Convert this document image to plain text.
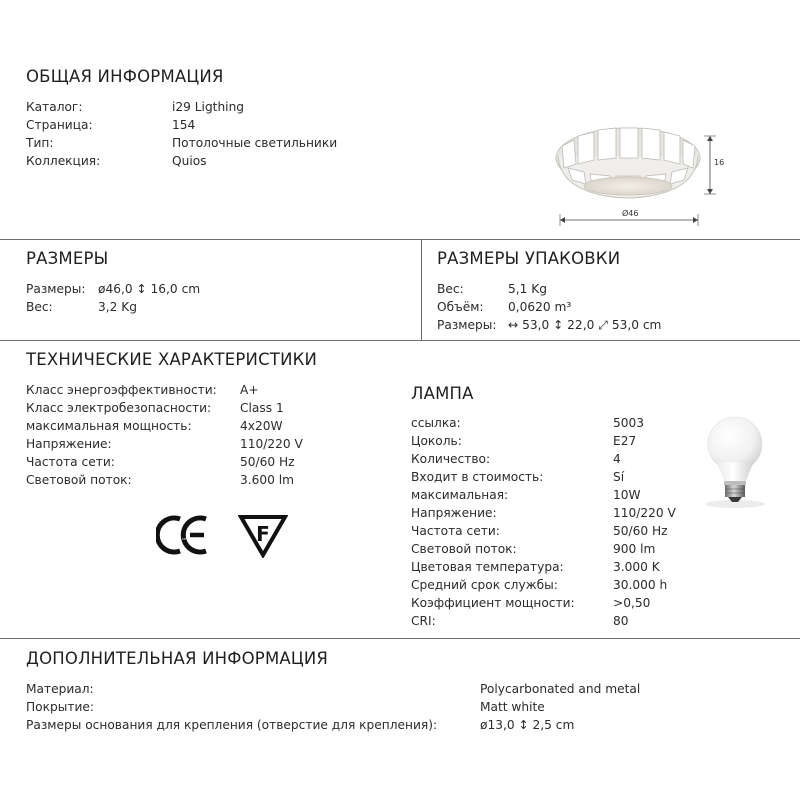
ОБЩАЯ ИНФОРМАЦИЯ
Каталог:	i29 Ligthing
Страница:	154
Тип:	Потолочные светильники
Коллекция:	Quios	16
Ø46
РАЗМЕРЫ
Размеры: ø46,0 ↕ 16,0 cm
Вес:	3,2 Kg
РАЗМЕРЫ УПАКОВКИ
Вес:	5,1 Kg
Объём: 0,0620 m³
Размеры: ↔ 53,0 ↕ 22,0 ⤢ 53,0 cm
ТЕХНИЧЕСКИЕ ХАРАКТЕРИСТИКИ
Класс энергоэффективности: A+
Класс электробезопасности: Class 1
максимальная мощность:	4x20W
Напряжение:	110/220 V
Частота сети:	50/60 Hz
Световой поток:	3.600 lm
CE	F
ЛАМПА
ссылка:	5003
Цоколь:	E27
Количество:	4
Входит в стоимость:	Sí
максимальная:	10W
Напряжение:	110/220 V
Частота сети:	50/60 Hz
Световой поток:	900 lm
Цветовая температура:	3.000 K
Средний срок службы:	30.000 h
Коэффициент мощности:	>0,50
CRI:	80
ДОПОЛНИТЕЛЬНАЯ ИНФОРМАЦИЯ
Материал:	Polycarbonated and metal
Покрытие:	Matt white
Размеры основания для крепления (отверстие для крепления):	ø13,0 ↕ 2,5 cm
